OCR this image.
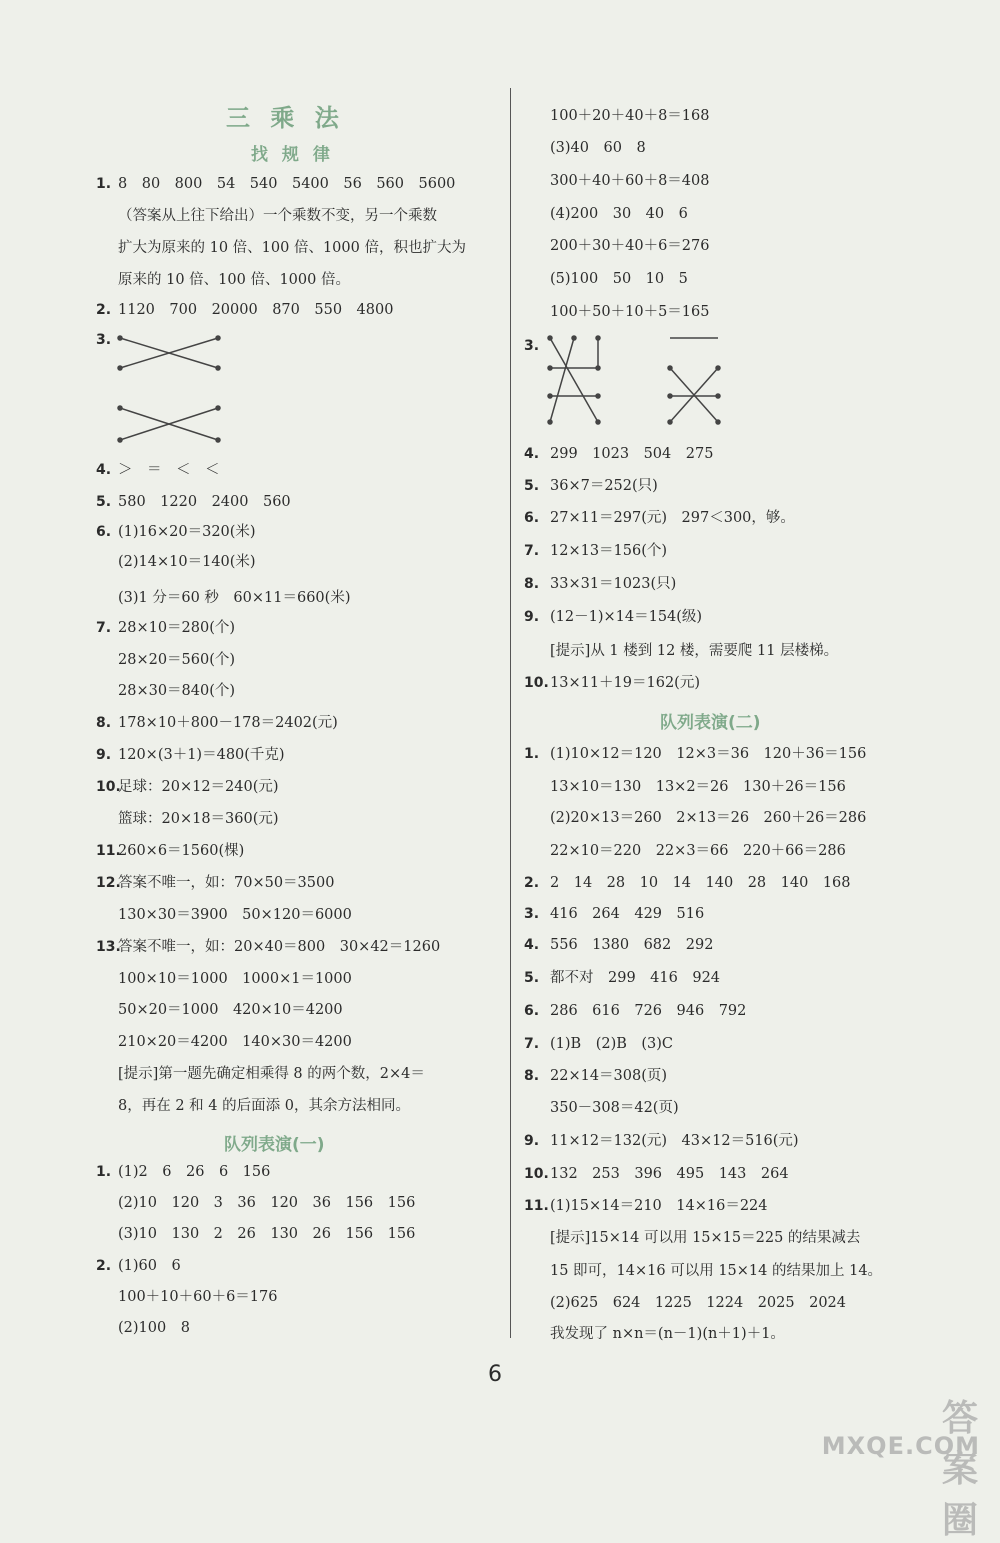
三 乘 法
找 规 律
1. 8　80　800　54　540　5400　56　560　5600
（答案从上往下给出）一个乘数不变，另一个乘数
扩大为原来的 10 倍、100 倍、1000 倍，积也扩大为
原来的 10 倍、100 倍、1000 倍。
2. 1120　700　20000　870　550　4800
3.
4. ＞　＝　＜　＜
5. 580　1220　2400　560
6. (1)16×20＝320(米)
(2)14×10＝140(米)
(3)1 分＝60 秒　60×11＝660(米)
7. 28×10＝280(个)
28×20＝560(个)
28×30＝840(个)
8. 178×10＋800－178＝2402(元)
9. 120×(3＋1)＝480(千克)
10.足球：20×12＝240(元)
篮球：20×18＝360(元)
11.260×6＝1560(棵)
12.答案不唯一，如：70×50＝3500
130×30＝3900　50×120＝6000
13.答案不唯一，如：20×40＝800　30×42＝1260
100×10＝1000　1000×1＝1000
50×20＝1000　420×10＝4200
210×20＝4200　140×30＝4200
[提示]第一题先确定相乘得 8 的两个数，2×4＝
8，再在 2 和 4 的后面添 0，其余方法相同。
队列表演(一)
1. (1)2　6　26　6　156
(2)10　120　3　36　120　36　156　156
(3)10　130　2　26　130　26　156　156
2. (1)60　6
100＋10＋60＋6＝176
(2)100　8
100＋20＋40＋8＝168
(3)40　60　8
300＋40＋60＋8＝408
(4)200　30　40　6
200＋30＋40＋6＝276
(5)100　50　10　5
100＋50＋10＋5＝165
3.
4. 299　1023　504　275
5. 36×7＝252(只)
6. 27×11＝297(元)　297＜300，够。
7. 12×13＝156(个)
8. 33×31＝1023(只)
9. (12－1)×14＝154(级)
[提示]从 1 楼到 12 楼，需要爬 11 层楼梯。
10.13×11＋19＝162(元)
队列表演(二)
1. (1)10×12＝120　12×3＝36　120＋36＝156
13×10＝130　13×2＝26　130＋26＝156
(2)20×13＝260　2×13＝26　260＋26＝286
22×10＝220　22×3＝66　220＋66＝286
2. 2　14　28　10　14　140　28　140　168
3. 416　264　429　516
4. 556　1380　682　292
5. 都不对　299　416　924
6. 286　616　726　946　792
7. (1)B　(2)B　(3)C
8. 22×14＝308(页)
350－308＝42(页)
9. 11×12＝132(元)　43×12＝516(元)
10.132　253　396　495　143　264
11.(1)15×14＝210　14×16＝224
[提示]15×14 可以用 15×15＝225 的结果减去
15 即可，14×16 可以用 15×14 的结果加上 14。
(2)625　624　1225　1224　2025　2024
我发现了 n×n＝(n－1)(n＋1)＋1。
6
答案圈
MXQE.COM
